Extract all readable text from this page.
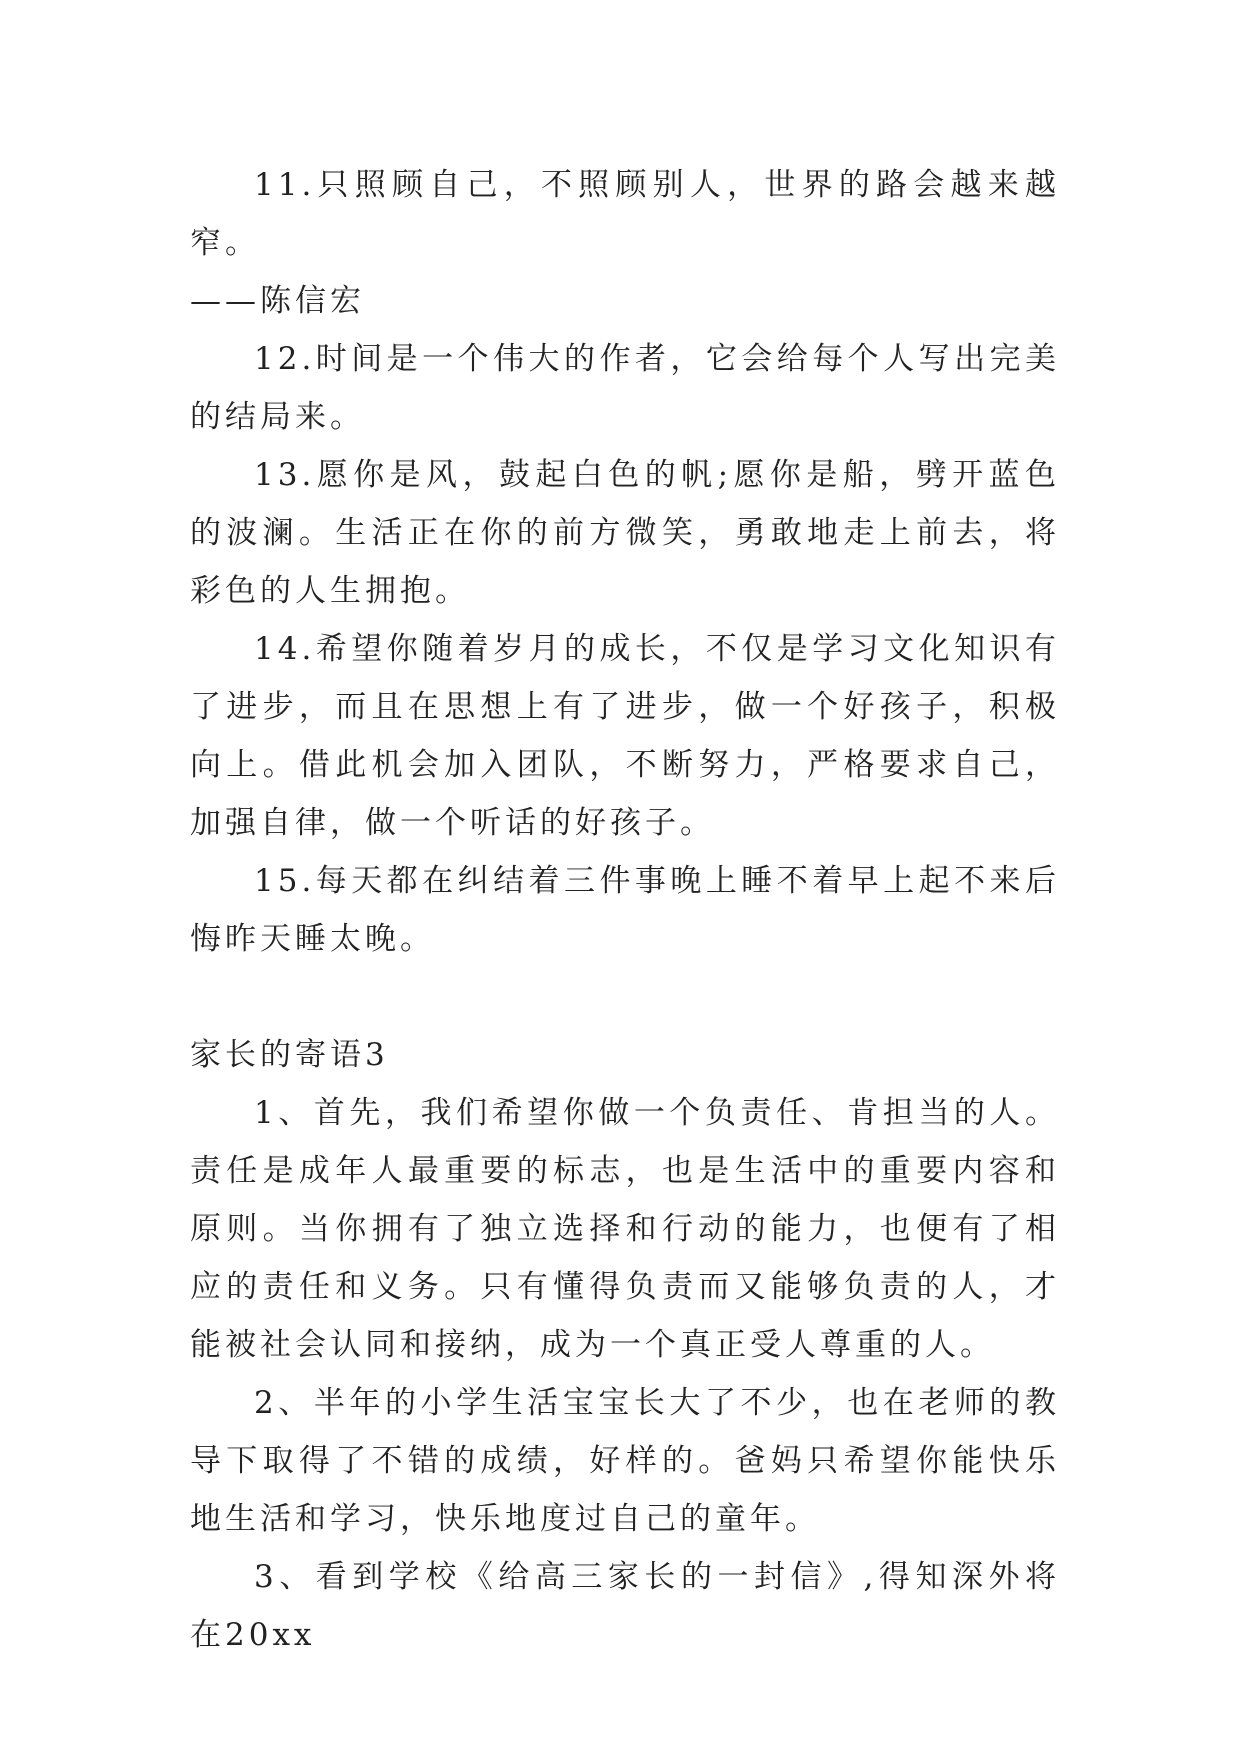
11.只照顾自己，不照顾别人，世界的路会越来越窄。

——陈信宏

12.时间是一个伟大的作者，它会给每个人写出完美的结局来。

13.愿你是风，鼓起白色的帆;愿你是船，劈开蓝色的波澜。生活正在你的前方微笑，勇敢地走上前去，将彩色的人生拥抱。

14.希望你随着岁月的成长，不仅是学习文化知识有了进步，而且在思想上有了进步，做一个好孩子，积极向上。借此机会加入团队，不断努力，严格要求自己，加强自律，做一个听话的好孩子。

15.每天都在纠结着三件事晚上睡不着早上起不来后悔昨天睡太晚。

家长的寄语3

1、首先，我们希望你做一个负责任、肯担当的人。责任是成年人最重要的标志，也是生活中的重要内容和原则。当你拥有了独立选择和行动的能力，也便有了相应的责任和义务。只有懂得负责而又能够负责的人，才能被社会认同和接纳，成为一个真正受人尊重的人。

2、半年的小学生活宝宝长大了不少，也在老师的教导下取得了不错的成绩，好样的。爸妈只希望你能快乐地生活和学习，快乐地度过自己的童年。

3、看到学校《给高三家长的一封信》,得知深外将在20xx
